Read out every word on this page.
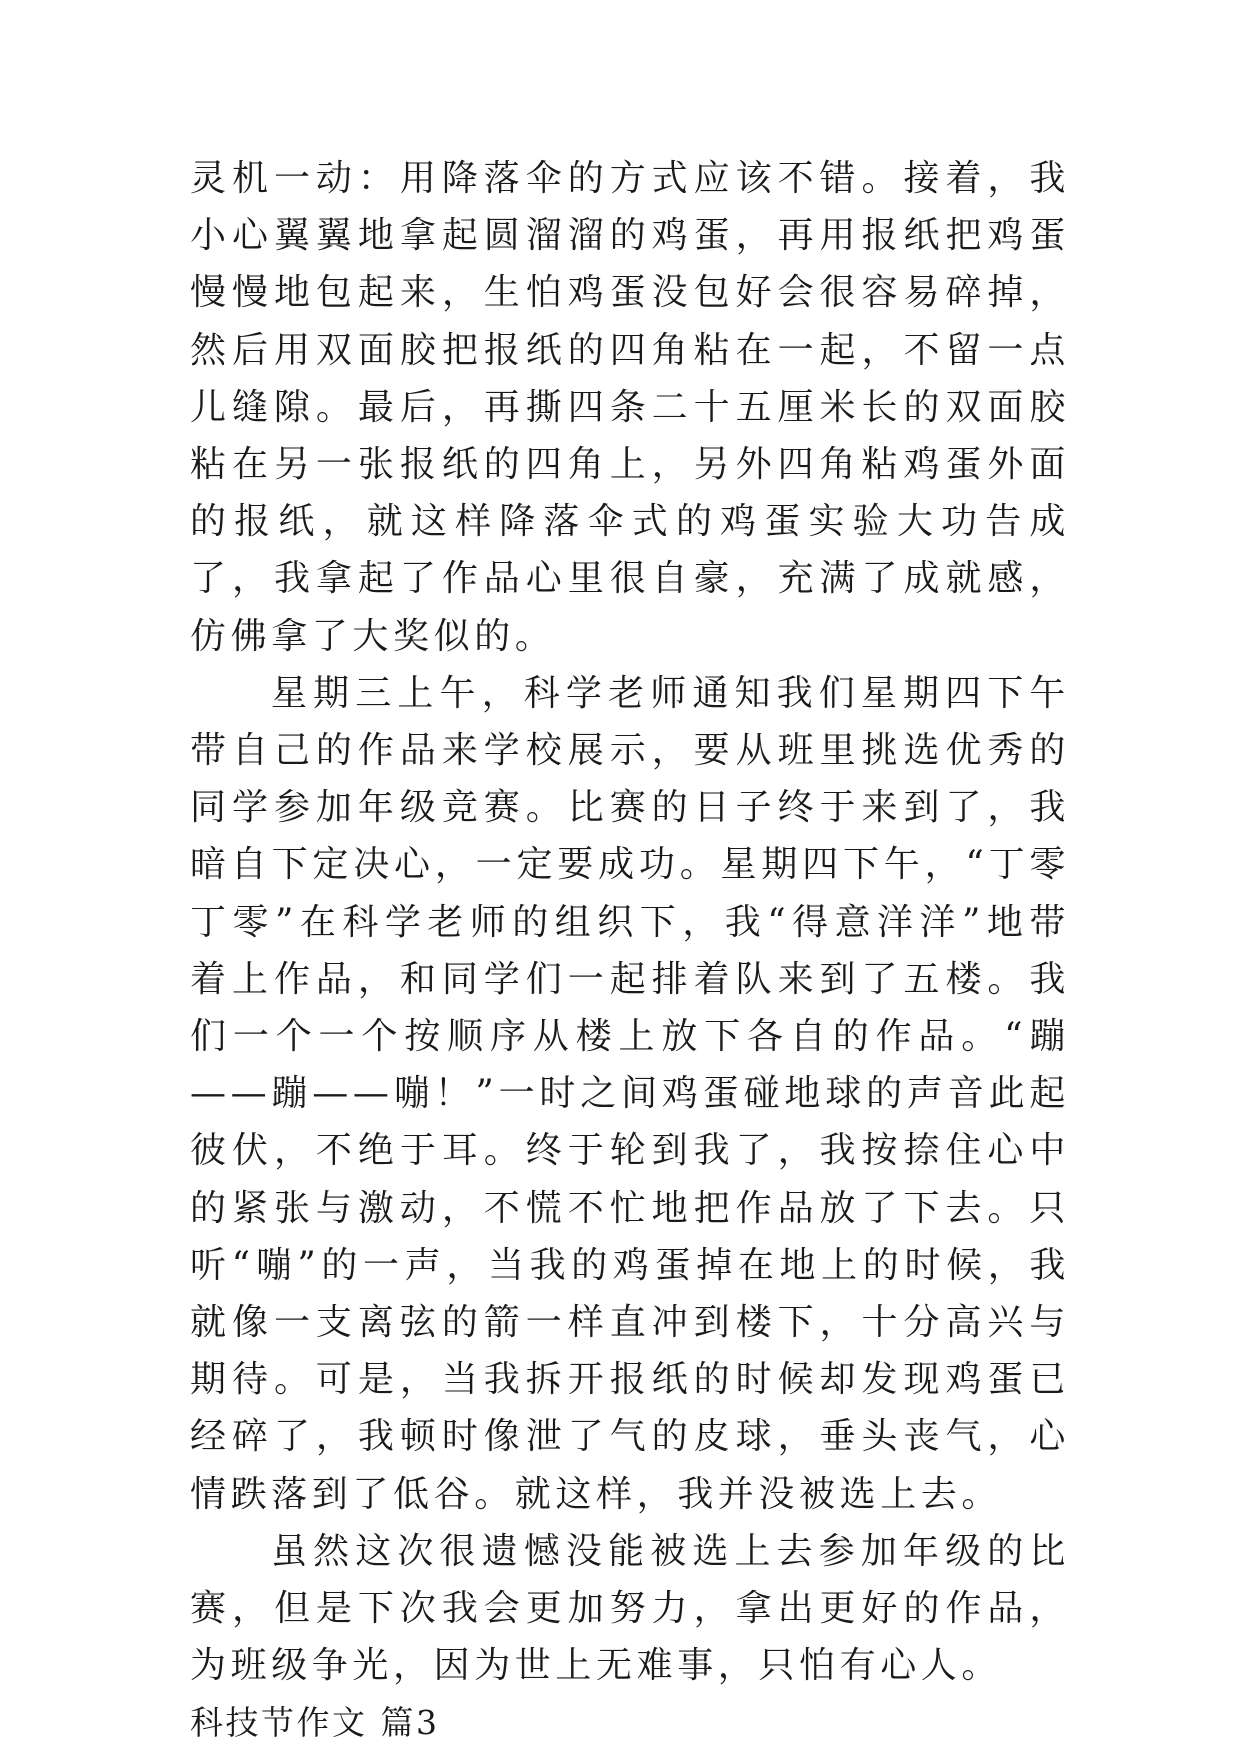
灵机一动：用降落伞的方式应该不错。接着，我小心翼翼地拿起圆溜溜的鸡蛋，再用报纸把鸡蛋慢慢地包起来，生怕鸡蛋没包好会很容易碎掉，然后用双面胶把报纸的四角粘在一起，不留一点儿缝隙。最后，再撕四条二十五厘米长的双面胶粘在另一张报纸的四角上，另外四角粘鸡蛋外面的报纸，就这样降落伞式的鸡蛋实验大功告成了，我拿起了作品心里很自豪，充满了成就感，仿佛拿了大奖似的。

星期三上午，科学老师通知我们星期四下午带自己的作品来学校展示，要从班里挑选优秀的同学参加年级竞赛。比赛的日子终于来到了，我暗自下定决心，一定要成功。星期四下午，“丁零丁零”在科学老师的组织下，我“得意洋洋”地带着上作品，和同学们一起排着队来到了五楼。我们一个一个按顺序从楼上放下各自的作品。“蹦——蹦——嘣！”一时之间鸡蛋碰地球的声音此起彼伏，不绝于耳。终于轮到我了，我按捺住心中的紧张与激动，不慌不忙地把作品放了下去。只听“嘣”的一声，当我的鸡蛋掉在地上的时候，我就像一支离弦的箭一样直冲到楼下，十分高兴与期待。可是，当我拆开报纸的时候却发现鸡蛋已经碎了，我顿时像泄了气的皮球，垂头丧气，心情跌落到了低谷。就这样，我并没被选上去。

虽然这次很遗憾没能被选上去参加年级的比赛，但是下次我会更加努力，拿出更好的作品，为班级争光，因为世上无难事，只怕有心人。

科技节作文 篇3
